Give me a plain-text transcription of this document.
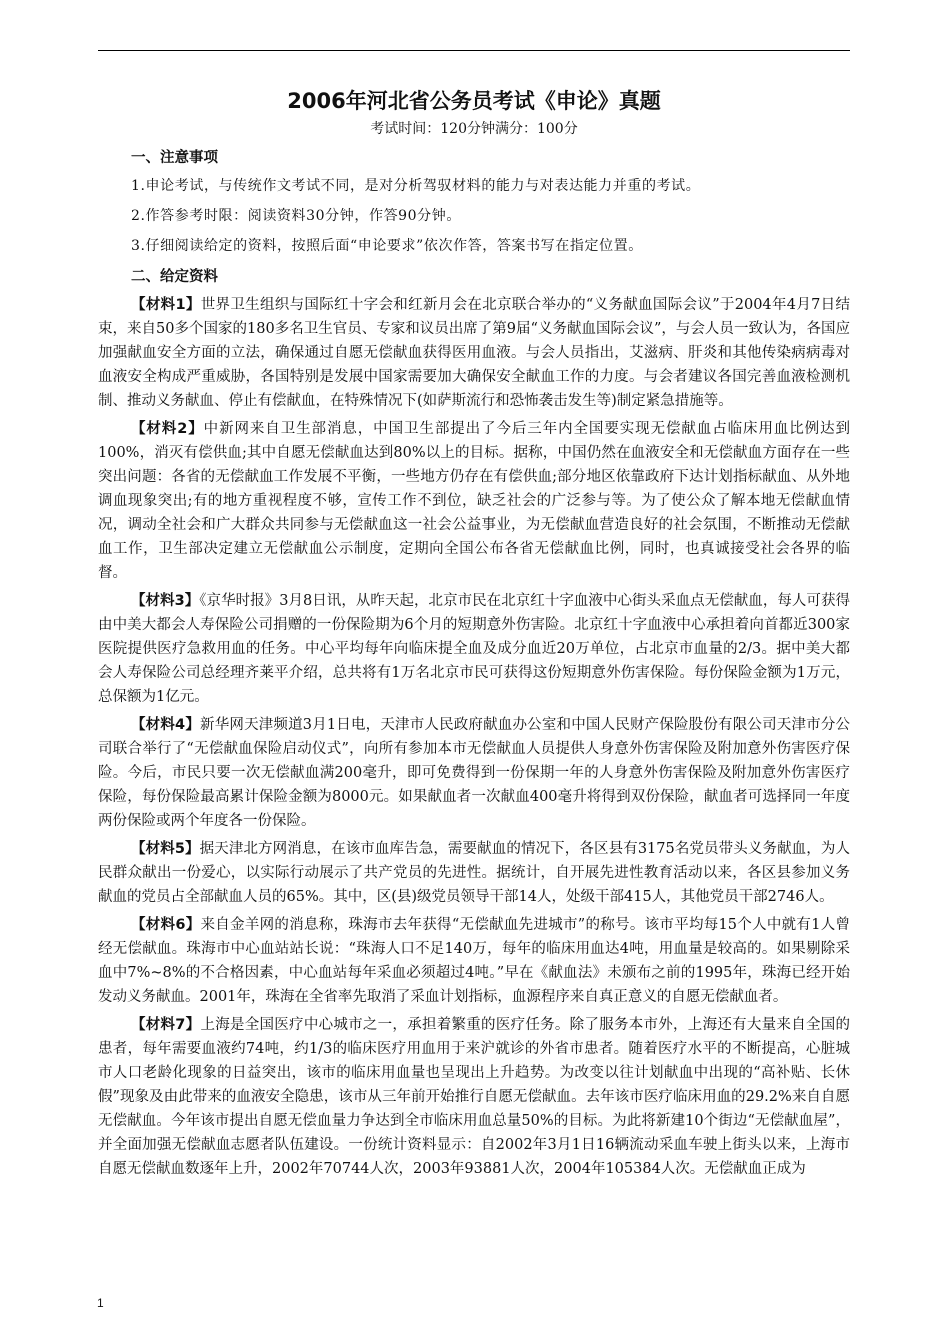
2006年河北省公务员考试《申论》真题
考试时间：120分钟满分：100分
一、注意事项
1.申论考试，与传统作文考试不同，是对分析驾驭材料的能力与对表达能力并重的考试。
2.作答参考时限：阅读资料30分钟，作答90分钟。
3.仔细阅读给定的资料，按照后面“申论要求”依次作答，答案书写在指定位置。
二、给定资料

【材料1】世界卫生组织与国际红十字会和红新月会在北京联合举办的“义务献血国际会议”于2004年4月7日结束，来自50多个国家的180多名卫生官员、专家和议员出席了第9届“义务献血国际会议”，与会人员一致认为，各国应加强献血安全方面的立法，确保通过自愿无偿献血获得医用血液。与会人员指出，艾滋病、肝炎和其他传染病病毒对血液安全构成严重威胁，各国特别是发展中国家需要加大确保安全献血工作的力度。与会者建议各国完善血液检测机制、推动义务献血、停止有偿献血，在特殊情况下(如萨斯流行和恐怖袭击发生等)制定紧急措施等。

【材料2】中新网来自卫生部消息，中国卫生部提出了今后三年内全国要实现无偿献血占临床用血比例达到100%，消灭有偿供血;其中自愿无偿献血达到80%以上的目标。据称，中国仍然在血液安全和无偿献血方面存在一些突出问题：各省的无偿献血工作发展不平衡，一些地方仍存在有偿供血;部分地区依靠政府下达计划指标献血、从外地调血现象突出;有的地方重视程度不够，宣传工作不到位，缺乏社会的广泛参与等。为了使公众了解本地无偿献血情况，调动全社会和广大群众共同参与无偿献血这一社会公益事业，为无偿献血营造良好的社会氛围，不断推动无偿献血工作，卫生部决定建立无偿献血公示制度，定期向全国公布各省无偿献血比例，同时，也真诚接受社会各界的临督。

【材料3】《京华时报》3月8日讯，从昨天起，北京市民在北京红十字血液中心街头采血点无偿献血，每人可获得由中美大都会人寿保险公司捐赠的一份保险期为6个月的短期意外伤害险。北京红十字血液中心承担着向首都近300家医院提供医疗急救用血的任务。中心平均每年向临床提全血及成分血近20万单位，占北京市血量的2/3。据中美大都会人寿保险公司总经理齐莱平介绍，总共将有1万名北京市民可获得这份短期意外伤害保险。每份保险金额为1万元，总保额为1亿元。

【材料4】新华网天津频道3月1日电，天津市人民政府献血办公室和中国人民财产保险股份有限公司天津市分公司联合举行了“无偿献血保险启动仪式”，向所有参加本市无偿献血人员提供人身意外伤害保险及附加意外伤害医疗保险。今后，市民只要一次无偿献血满200毫升，即可免费得到一份保期一年的人身意外伤害保险及附加意外伤害医疗保险，每份保险最高累计保险金额为8000元。如果献血者一次献血400毫升将得到双份保险，献血者可选择同一年度两份保险或两个年度各一份保险。

【材料5】据天津北方网消息，在该市血库告急，需要献血的情况下，各区县有3175名党员带头义务献血，为人民群众献出一份爱心，以实际行动展示了共产党员的先进性。据统计，自开展先进性教育活动以来，各区县参加义务献血的党员占全部献血人员的65%。其中，区(县)级党员领导干部14人，处级干部415人，其他党员干部2746人。

【材料6】来自金羊网的消息称，珠海市去年获得“无偿献血先进城市”的称号。该市平均每15个人中就有1人曾经无偿献血。珠海市中心血站站长说：“珠海人口不足140万，每年的临床用血达4吨，用血量是较高的。如果剔除采血中7%~8%的不合格因素，中心血站每年采血必须超过4吨。”早在《献血法》未颁布之前的1995年，珠海已经开始发动义务献血。2001年，珠海在全省率先取消了采血计划指标，血源程序来自真正意义的自愿无偿献血者。

【材料7】上海是全国医疗中心城市之一，承担着繁重的医疗任务。除了服务本市外，上海还有大量来自全国的患者，每年需要血液约74吨，约1/3的临床医疗用血用于来沪就诊的外省市患者。随着医疗水平的不断提高，心脏城市人口老龄化现象的日益突出，该市的临床用血量也呈现出上升趋势。为改变以往计划献血中出现的“高补贴、长休假”现象及由此带来的血液安全隐患，该市从三年前开始推行自愿无偿献血。去年该市医疗临床用血的29.2%来自自愿无偿献血。今年该市提出自愿无偿血量力争达到全市临床用血总量50%的目标。为此将新建10个街边“无偿献血屋”，并全面加强无偿献血志愿者队伍建设。一份统计资料显示：自2002年3月1日16辆流动采血车驶上街头以来，上海市自愿无偿献血数逐年上升，2002年70744人次，2003年93881人次，2004年105384人次。无偿献血正成为

1
